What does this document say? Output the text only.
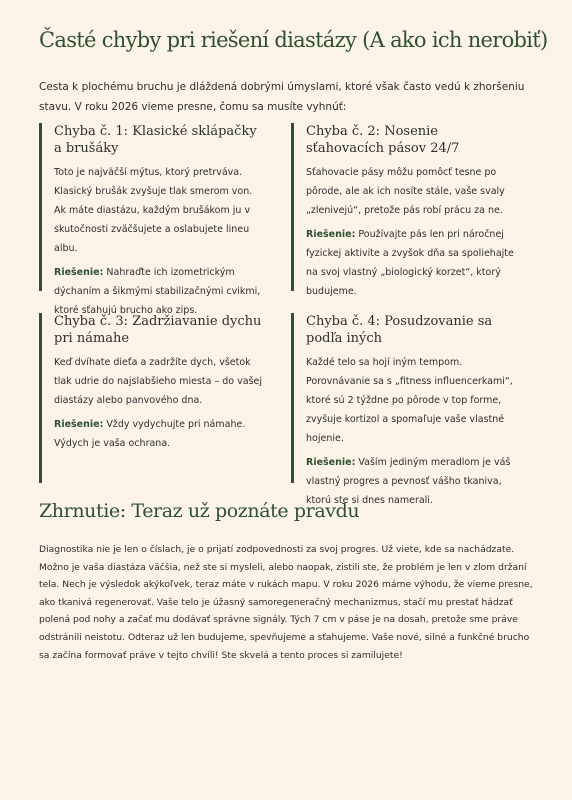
Časté chyby pri riešení diastázy (A ako ich nerobiť)

Cesta k plochému bruchu je dláždená dobrými úmyslami, ktoré však často vedú k zhoršeniu stavu. V roku 2026 vieme presne, čomu sa musíte vyhnúť:

Chyba č. 1: Klasické sklápačky a brušáky

Toto je najväčší mýtus, ktorý pretrváva. Klasický brušák zvyšuje tlak smerom von. Ak máte diastázu, každým brušákom ju v skutočnosti zväčšujete a oslabujete lineu albu.

Riešenie: Nahraďte ich izometrickým dýchaním a šikmými stabilizačnými cvikmi, ktoré sťahujú brucho ako zips.

Chyba č. 2: Nosenie sťahovacích pásov 24/7

Sťahovacie pásy môžu pomôcť tesne po pôrode, ale ak ich nosíte stále, vaše svaly „zlenivejú“, pretože pás robí prácu za ne.

Riešenie: Používajte pás len pri náročnej fyzickej aktivite a zvyšok dňa sa spoliehajte na svoj vlastný „biologický korzet“, ktorý budujeme.

Chyba č. 3: Zadržiavanie dychu pri námahe

Keď dvíhate dieťa a zadržíte dych, všetok tlak udrie do najslabšieho miesta – do vašej diastázy alebo panvového dna.

Riešenie: Vždy vydychujte pri námahe. Výdych je vaša ochrana.

Chyba č. 4: Posudzovanie sa podľa iných

Každé telo sa hojí iným tempom. Porovnávanie sa s „fitness influencerkami“, ktoré sú 2 týždne po pôrode v top forme, zvyšuje kortizol a spomaľuje vaše vlastné hojenie.

Riešenie: Vaším jediným meradlom je váš vlastný progres a pevnosť vášho tkaniva, ktorú ste si dnes namerali.

Zhrnutie: Teraz už poznáte pravdu

Diagnostika nie je len o číslach, je o prijatí zodpovednosti za svoj progres. Už viete, kde sa nachádzate. Možno je vaša diastáza väčšia, než ste si mysleli, alebo naopak, zistili ste, že problém je len v zlom držaní tela. Nech je výsledok akýkoľvek, teraz máte v rukách mapu. V roku 2026 máme výhodu, že vieme presne, ako tkanivá regenerovať. Vaše telo je úžasný samoregeneračný mechanizmus, stačí mu prestať hádzať polená pod nohy a začať mu dodávať správne signály. Tých 7 cm v páse je na dosah, pretože sme práve odstránili neistotu. Odteraz už len budujeme, spevňujeme a sťahujeme. Vaše nové, silné a funkčné brucho sa začína formovať práve v tejto chvíli! Ste skvelá a tento proces si zamilujete!
